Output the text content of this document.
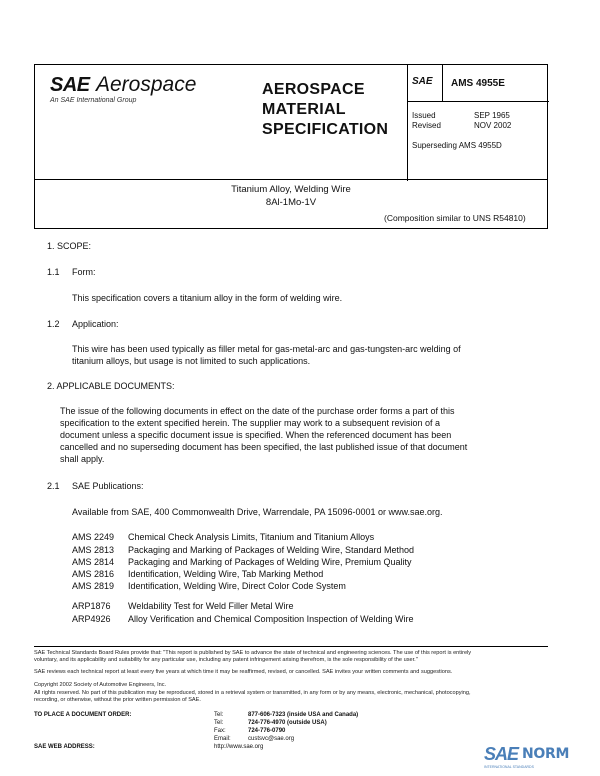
SAE Aerospace
An SAE International Group
AEROSPACE
MATERIAL
SPECIFICATION
SAE AMS 4955E
Issued	SEP 1965
Revised	NOV 2002
Superseding AMS 4955D
Titanium Alloy, Welding Wire
8Al-1Mo-1V
(Composition similar to UNS R54810)
1. SCOPE:
1.1 Form:
This specification covers a titanium alloy in the form of welding wire.
1.2 Application:
This wire has been used typically as filler metal for gas-metal-arc and gas-tungsten-arc welding of
titanium alloys, but usage is not limited to such applications.
2. APPLICABLE DOCUMENTS:
The issue of the following documents in effect on the date of the purchase order forms a part of this
specification to the extent specified herein. The supplier may work to a subsequent revision of a
document unless a specific document issue is specified. When the referenced document has been
cancelled and no superseding document has been specified, the last published issue of that document
shall apply.
2.1 SAE Publications:
Available from SAE, 400 Commonwealth Drive, Warrendale, PA 15096-0001 or www.sae.org.
AMS 2249 Chemical Check Analysis Limits, Titanium and Titanium Alloys
AMS 2813 Packaging and Marking of Packages of Welding Wire, Standard Method
AMS 2814 Packaging and Marking of Packages of Welding Wire, Premium Quality
AMS 2816 Identification, Welding Wire, Tab Marking Method
AMS 2819 Identification, Welding Wire, Direct Color Code System
ARP1876 Weldability Test for Weld Filler Metal Wire
ARP4926 Alloy Verification and Chemical Composition Inspection of Welding Wire
SAE Technical Standards Board Rules provide that: "This report is published by SAE to advance the state of technical and engineering sciences. The use of this report is entirely
voluntary, and its applicability and suitability for any particular use, including any patent infringement arising therefrom, is the sole responsibility of the user."
SAE reviews each technical report at least every five years at which time it may be reaffirmed, revised, or cancelled. SAE invites your written comments and suggestions.
Copyright 2002 Society of Automotive Engineers, Inc.
All rights reserved. No part of this publication may be reproduced, stored in a retrieval system or transmitted, in any form or by any means, electronic, mechanical, photocopying,
recording, or otherwise, without the prior written permission of SAE.
TO PLACE A DOCUMENT ORDER:	Tel:	877-606-7323 (inside USA and Canada)
Tel:	724-776-4970 (outside USA)
Fax:	724-776-0790
Email:	custsvc@sae.org
SAE WEB ADDRESS:	http://www.sae.org	SAE NORM
INTERNATIONAL STANDARDS
